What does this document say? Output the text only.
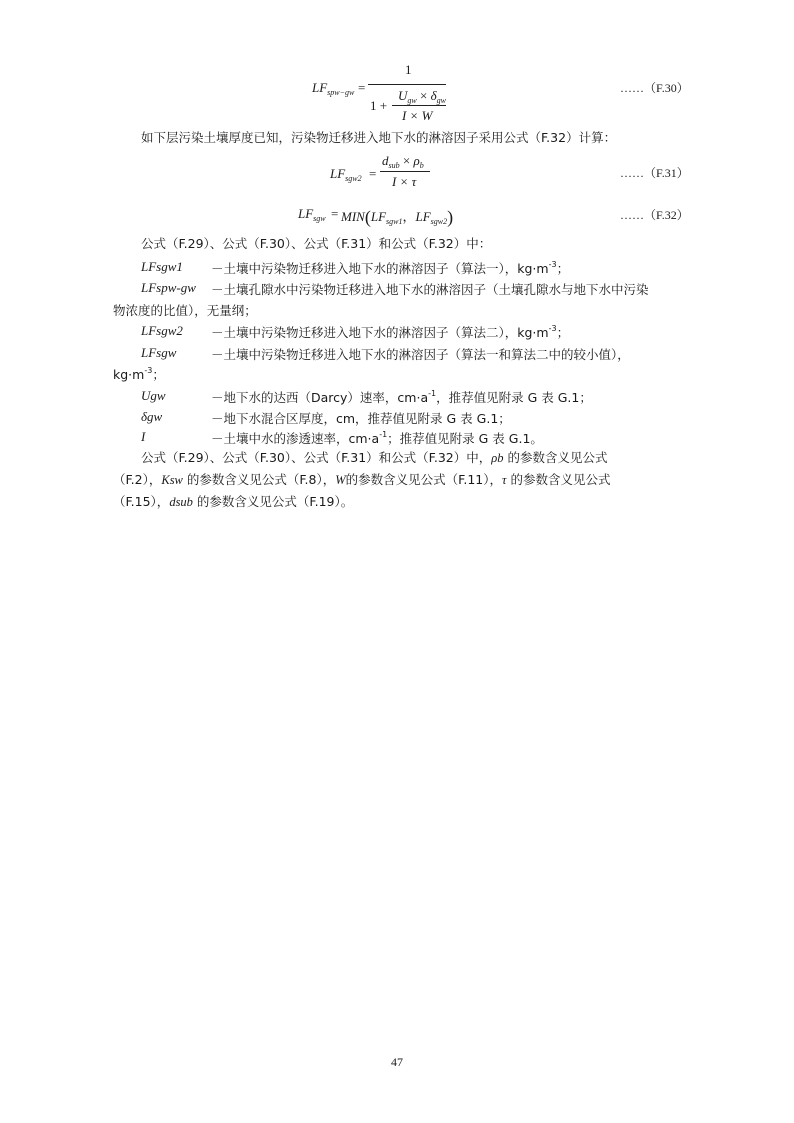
$LF_{spw-gw}$ =
1
1 +
$U_{gw} \times \delta_{gw}$
I × W
……（F.30）
如下层污染土壤厚度已知，污染物迁移进入地下水的淋溶因子采用公式（F.32）计算：
$LF_{sgw2}$ =
$d_{sub} \times \rho_b$
I × τ
……（F.31）
$LF_{sgw} = MIN(LF_{sgw1}$，$LF_{sgw2}$)	……（F.32）
公式（F.29）、公式（F.30）、公式（F.31）和公式（F.32）中：
LFsgw1 －土壤中污染物迁移进入地下水的淋溶因子（算法一），$kg\cdot m^{-3}$；
LFspw-gw －土壤孔隙水中污染物迁移进入地下水的淋溶因子（土壤孔隙水与地下水中污染
物浓度的比值），无量纲；
LFsgw2 －土壤中污染物迁移进入地下水的淋溶因子（算法二），$kg\cdot m^{-3}$；
LFsgw	－土壤中污染物迁移进入地下水的淋溶因子（算法一和算法二中的较小值），
$kg\cdot m^{-3}$；
Ugw	－地下水的达西（Darcy）速率，$cm\cdot a^{-1}$，推荐值见附录 G 表 G.1；
δgw	－地下水混合区厚度，cm，推荐值见附录 G 表 G.1；
I	－土壤中水的渗透速率，$cm\cdot a^{-1}$；推荐值见附录 G 表 G.1。
公式（F.29）、公式（F.30）、公式（F.31）和公式（F.32）中，ρb 的参数含义见公式
（F.2），Ksw 的参数含义见公式（F.8），W的参数含义见公式（F.11），τ 的参数含义见公式
（F.15），dsub 的参数含义见公式（F.19）。
47
